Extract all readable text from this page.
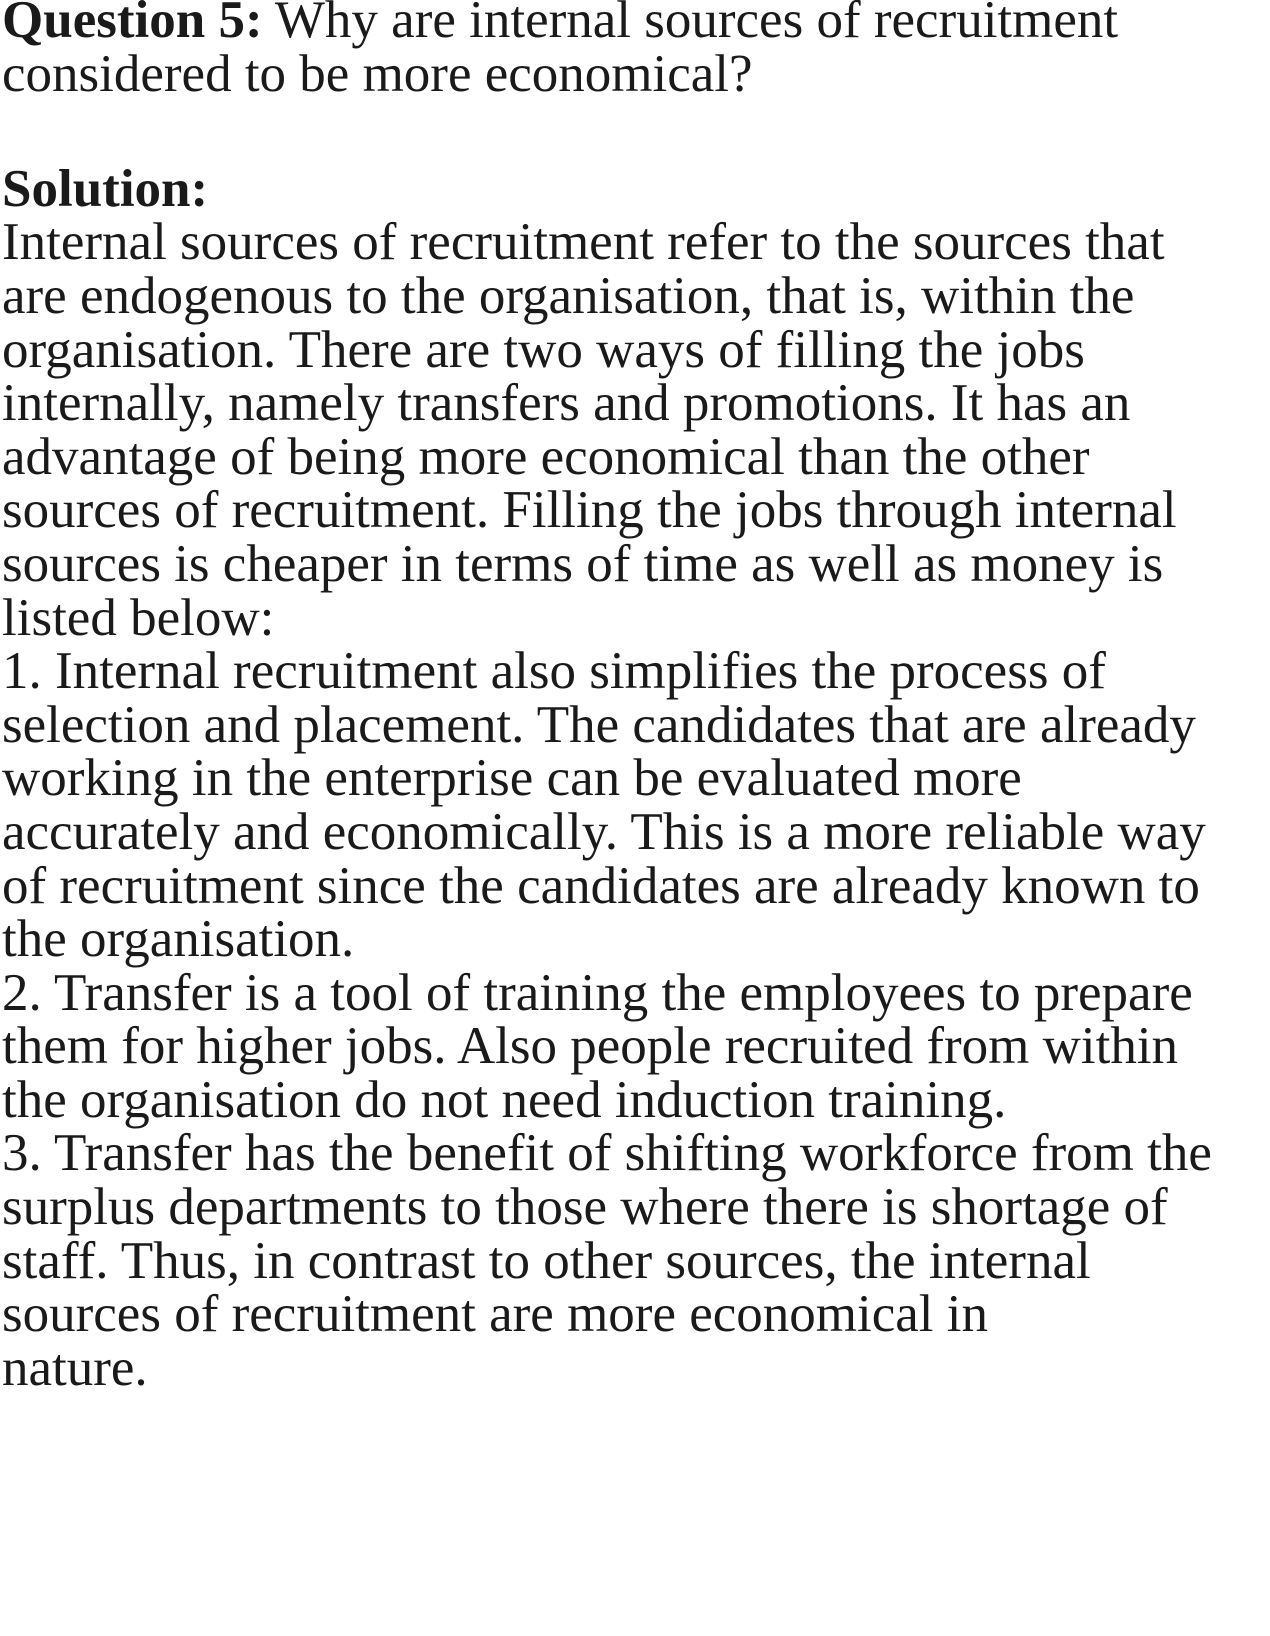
Question 5: Why are internal sources of recruitment
considered to be more economical?
Solution:
Internal sources of recruitment refer to the sources that
are endogenous to the organisation, that is, within the
organisation. There are two ways of filling the jobs
internally, namely transfers and promotions. It has an
advantage of being more economical than the other
sources of recruitment. Filling the jobs through internal
sources is cheaper in terms of time as well as money is
listed below:
1. Internal recruitment also simplifies the process of
selection and placement. The candidates that are already
working in the enterprise can be evaluated more
accurately and economically. This is a more reliable way
of recruitment since the candidates are already known to
the organisation.
2. Transfer is a tool of training the employees to prepare
them for higher jobs. Also people recruited from within
the organisation do not need induction training.
3. Transfer has the benefit of shifting workforce from the
surplus departments to those where there is shortage of
staff. Thus, in contrast to other sources, the internal
sources of recruitment are more economical in
nature.
